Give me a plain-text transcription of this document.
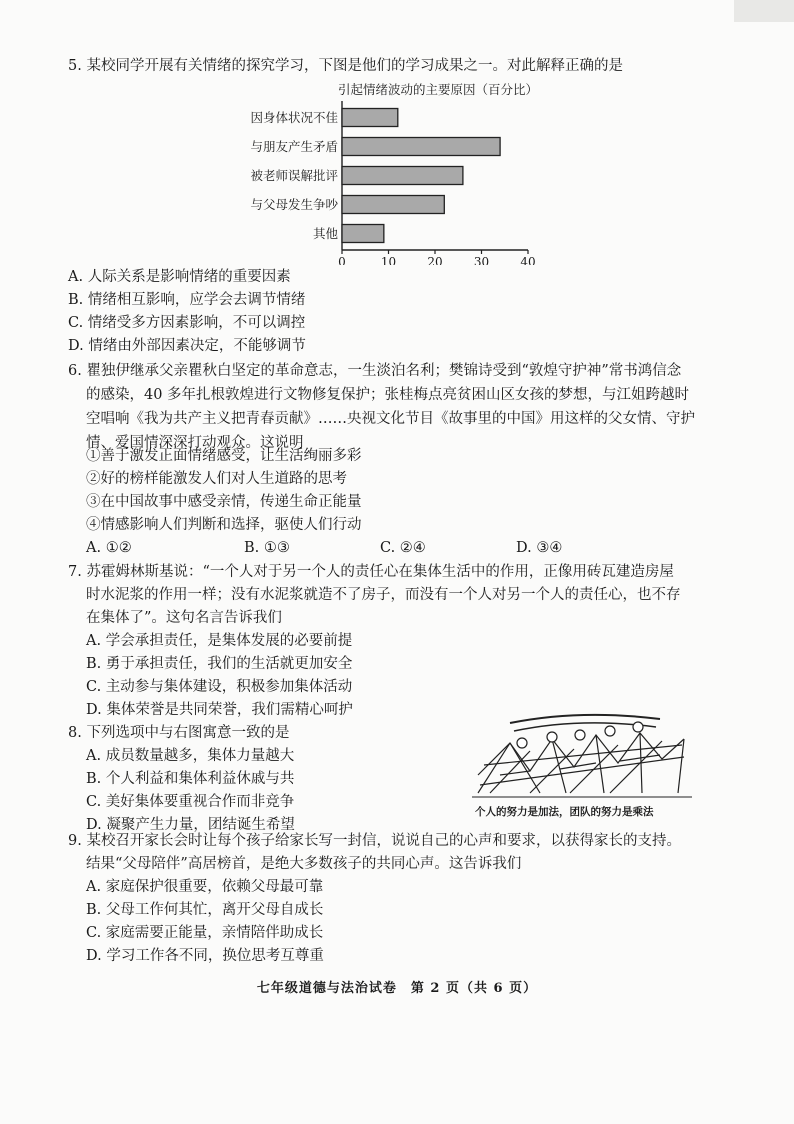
5. 某校同学开展有关情绪的探究学习，下图是他们的学习成果之一。对此解释正确的是
引起情绪波动的主要原因（百分比）
因身体状况不佳
与朋友产生矛盾
被老师误解批评
与父母发生争吵
其他
0	10	20	30	40
A. 人际关系是影响情绪的重要因素
B. 情绪相互影响，应学会去调节情绪
C. 情绪受多方因素影响，不可以调控
D. 情绪由外部因素决定，不能够调节
6. 瞿独伊继承父亲瞿秋白坚定的革命意志，一生淡泊名利；樊锦诗受到“敦煌守护神”常书鸿信念
的感染，40 多年扎根敦煌进行文物修复保护；张桂梅点亮贫困山区女孩的梦想，与江姐跨越时
空唱响《我为共产主义把青春贡献》……央视文化节目《故事里的中国》用这样的父女情、守护
情、爱国情深深打动观众。这说明
①善于激发正面情绪感受，让生活绚丽多彩
②好的榜样能激发人们对人生道路的思考
③在中国故事中感受亲情，传递生命正能量
④情感影响人们判断和选择，驱使人们行动
A. ①②	B. ①③	C. ②④	D. ③④
7. 苏霍姆林斯基说：“一个人对于另一个人的责任心在集体生活中的作用，正像用砖瓦建造房屋
时水泥浆的作用一样；没有水泥浆就造不了房子，而没有一个人对另一个人的责任心，也不存
在集体了”。这句名言告诉我们
A. 学会承担责任，是集体发展的必要前提
B. 勇于承担责任，我们的生活就更加安全
C. 主动参与集体建设，积极参加集体活动
D. 集体荣誉是共同荣誉，我们需精心呵护
8. 下列选项中与右图寓意一致的是
A. 成员数量越多，集体力量越大
B. 个人利益和集体利益休戚与共
C. 美好集体要重视合作而非竞争
D. 凝聚产生力量，团结诞生希望
个人的努力是加法，团队的努力是乘法
9. 某校召开家长会时让每个孩子给家长写一封信，说说自己的心声和要求，以获得家长的支持。
结果“父母陪伴”高居榜首，是绝大多数孩子的共同心声。这告诉我们
A. 家庭保护很重要，依赖父母最可靠
B. 父母工作何其忙，离开父母自成长
C. 家庭需要正能量，亲情陪伴助成长
D. 学习工作各不同，换位思考互尊重
七年级道德与法治试卷　第 2 页（共 6 页）
